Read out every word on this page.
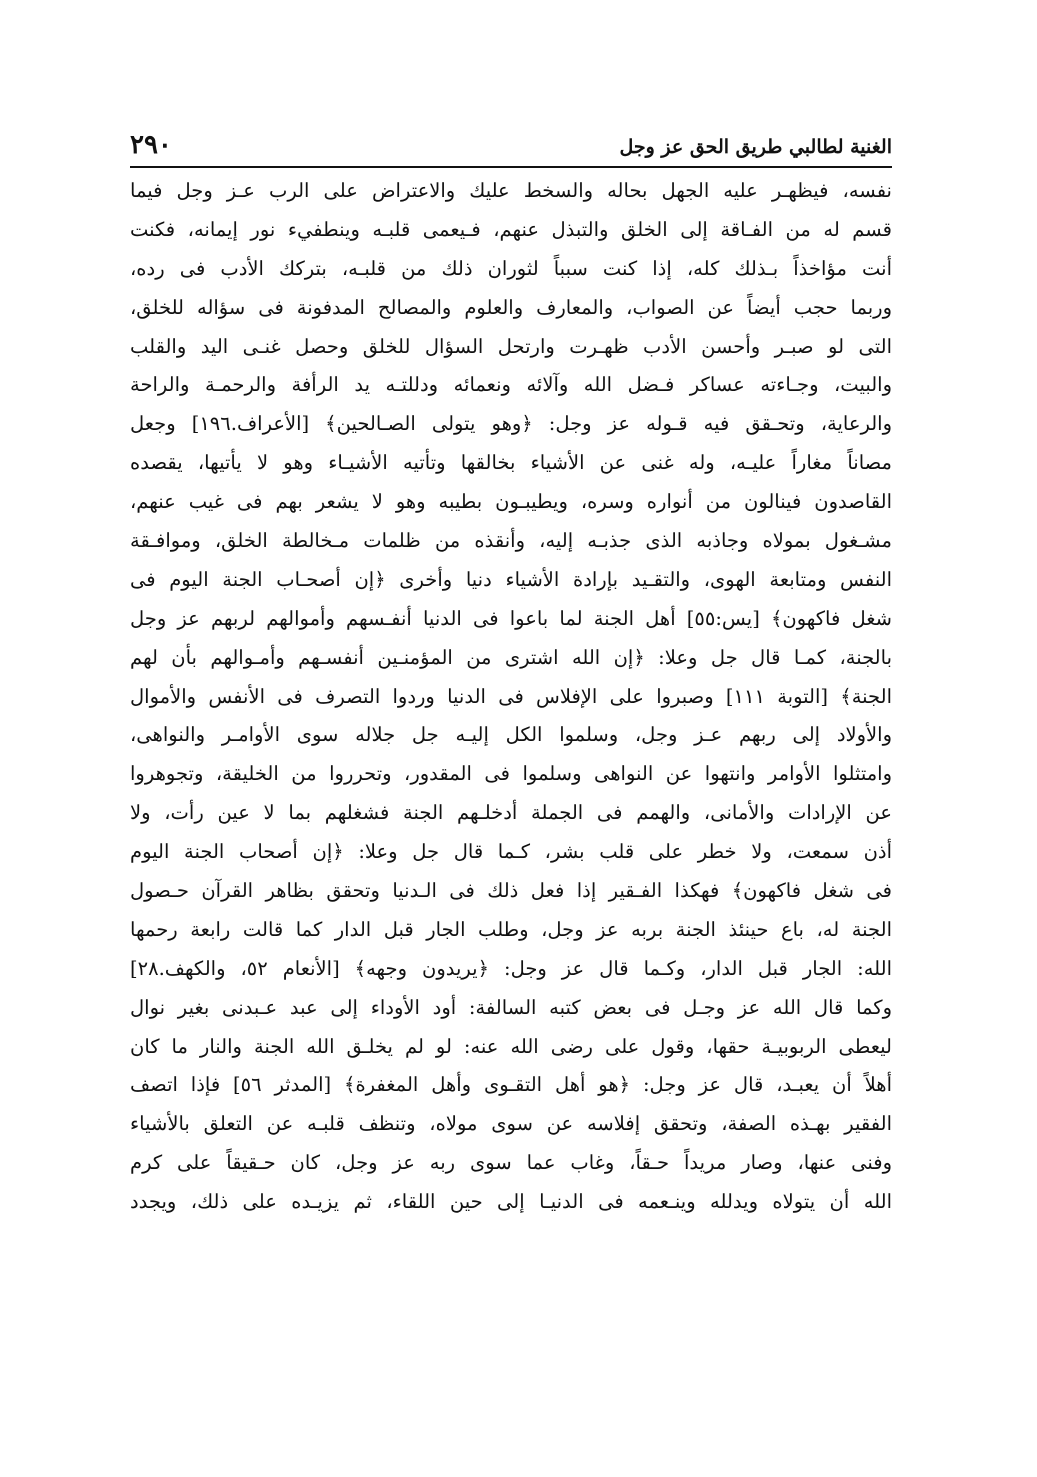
٢٩٠	الغنية لطالبي طريق الحق عز وجل
نفسه، فيظهـر عليه الجهل بحاله والسخط عليك والاعتراض على الرب عـز وجل فيما
قسم له من الفـاقة إلى الخلق والتبذل عنهم، فـيعمى قلبـه وينطفيء نور إيمانه، فكنت
أنت مؤاخذاً بـذلك كله، إذا كنت سبباً لثوران ذلك من قلبـه، بتركك الأدب فى رده،
وربما حجب أيضاً عن الصواب، والمعارف والعلوم والمصالح المدفونة فى سؤاله للخلق،
التى لو صبـر وأحسن الأدب ظهـرت وارتحل السؤال للخلق وحصل غنـى اليد والقلب
والبيت، وجـاءته عساكر فـضل الله وآلائه ونعمائه ودللتـه يد الرأفة والرحمـة والراحة
والرعاية، وتحـقق فيه قـوله عز وجل: ﴿وهو يتولى الصـالحين﴾ [الأعراف.١٩٦] وجعل
مصاناً مغاراً عليـه، وله غنى عن الأشياء بخالقها وتأتيه الأشيـاء وهو لا يأتيها، يقصده
القاصدون فينالون من أنواره وسره، ويطيبـون بطيبه وهو لا يشعر بهم فى غيب عنهم،
مشـغول بمولاه وجاذبه الذى جذبـه إليه، وأنقذه من ظلمات مـخالطة الخلق، وموافـقة
النفس ومتابعة الهوى، والتقـيد بإرادة الأشياء دنيا وأخرى ﴿إن أصحـاب الجنة اليوم فى
شغل فاكهون﴾ [يس:٥٥] أهل الجنة لما باعوا فى الدنيا أنفـسهم وأموالهم لربهم عز وجل
بالجنة، كمـا قال جل وعلا: ﴿إن الله اشترى من المؤمنـين أنفسـهم وأمـوالهم بأن لهم
الجنة﴾ [التوبة ١١١] وصبروا على الإفلاس فى الدنيا وردوا التصرف فى الأنفس والأموال
والأولاد إلى ربهم عـز وجل، وسلموا الكل إليـه جل جلاله سوى الأوامـر والنواهى،
وامتثلوا الأوامر وانتهوا عن النواهى وسلموا فى المقدور، وتحرروا من الخليقة، وتجوهروا
عن الإرادات والأمانى، والهمم فى الجملة أدخلـهم الجنة فشغلهم بما لا عين رأت، ولا
أذن سمعت، ولا خطر على قلب بشر، كـما قال جل وعلا: ﴿إن أصحاب الجنة اليوم
فى شغل فاكهون﴾ فهكذا الفـقير إذا فعل ذلك فى الـدنيا وتحقق بظاهر القرآن حـصول
الجنة له، باع حينئذ الجنة بربه عز وجل، وطلب الجار قبل الدار كما قالت رابعة رحمها
الله: الجار قبل الدار، وكـما قال عز وجل: ﴿يريدون وجهه﴾ [الأنعام ٥٢، والكهف.٢٨]
وكما قال الله عز وجـل فى بعض كتبه السالفة: أود الأوداء إلى عبد عـبدنى بغير نوال
ليعطى الربوبيـة حقها، وقول على رضى الله عنه: لو لم يخلـق الله الجنة والنار ما كان
أهلاً أن يعبـد، قال عز وجل: ﴿هو أهل التقـوى وأهل المغفرة﴾ [المدثر ٥٦] فإذا اتصف
الفقير بهـذه الصفة، وتحقق إفلاسه عن سوى مولاه، وتنظف قلبـه عن التعلق بالأشياء
وفنى عنها، وصار مريداً حـقاً، وغاب عما سوى ربه عز وجل، كان حـقيقاً على كرم
الله أن يتولاه ويدلله وينـعمه فى الدنيـا إلى حين اللقاء، ثم يزيـده على ذلك، ويجدد
